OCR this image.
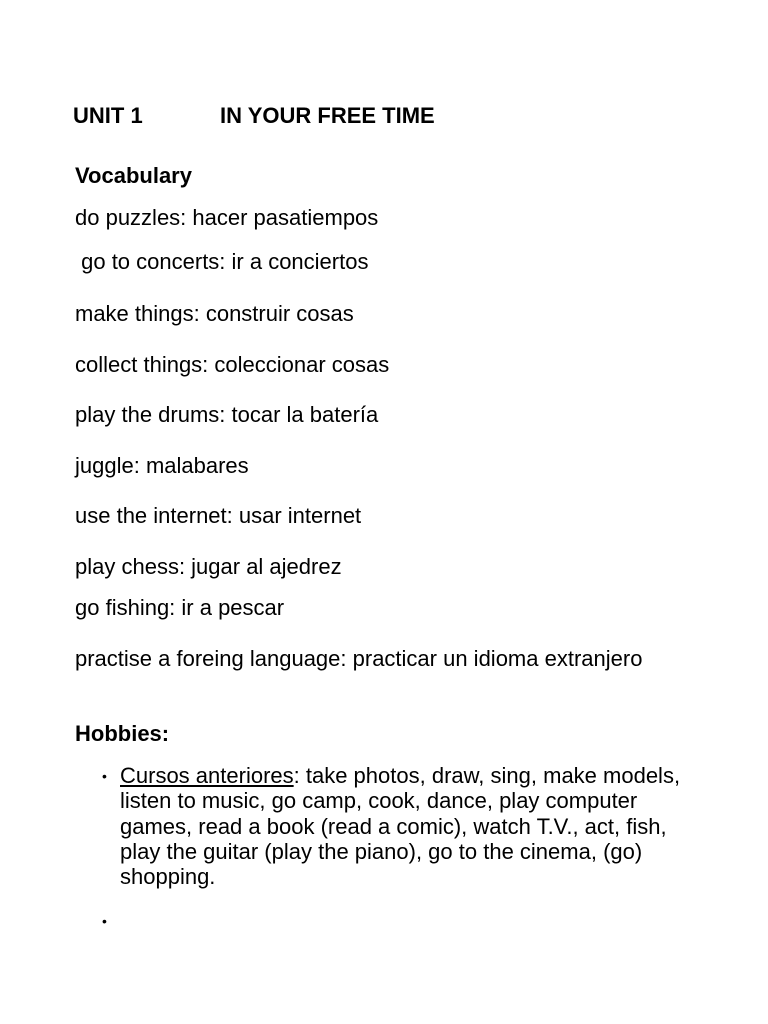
UNIT 1	IN YOUR FREE TIME
Vocabulary
do puzzles: hacer pasatiempos
go to concerts: ir a conciertos
make things: construir cosas
collect things: coleccionar cosas
play the drums: tocar la batería
juggle: malabares
use the internet: usar internet
play chess: jugar al ajedrez
go fishing: ir a pescar
practise a foreing language: practicar un idioma extranjero
Hobbies:
• Cursos anteriores: take photos, draw, sing, make models, listen to music, go camp, cook, dance, play computer games, read a book (read a comic), watch T.V., act, fish, play the guitar (play the piano), go to the cinema, (go) shopping.
•
